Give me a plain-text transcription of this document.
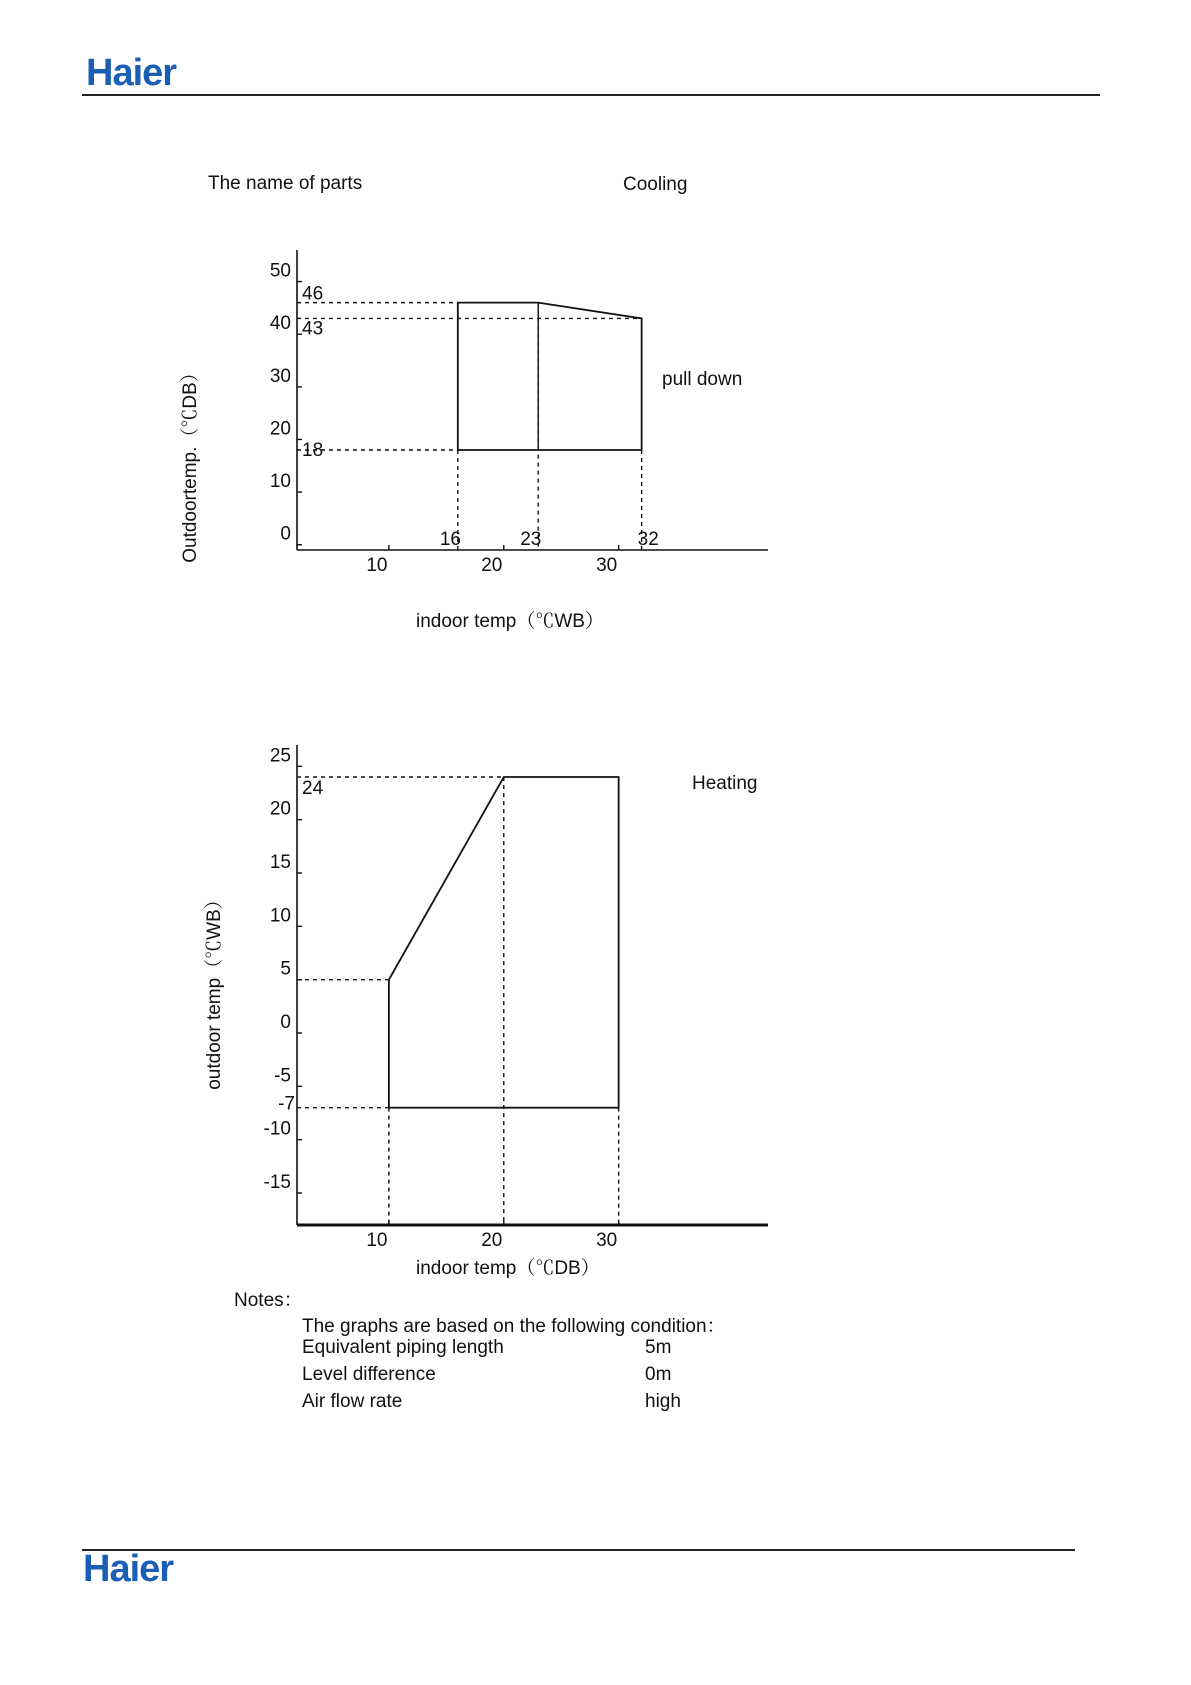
Haier
The name of parts	Cooling
0
10
20
30
40
50
10	20	30
16	23	32
18
43
46
indoor temp（℃WB）
Outdoortemp.（℃DB）	pull down
-15
-10
-5
0
5
10
15
20
25
10	20	30
-7
24
indoor temp（℃DB）
outdoor temp（℃WB）
Heating
Notes：
The graphs are based on the following condition：
Equivalent piping length	5m
Level difference	0m
Air flow rate	high
Haier
